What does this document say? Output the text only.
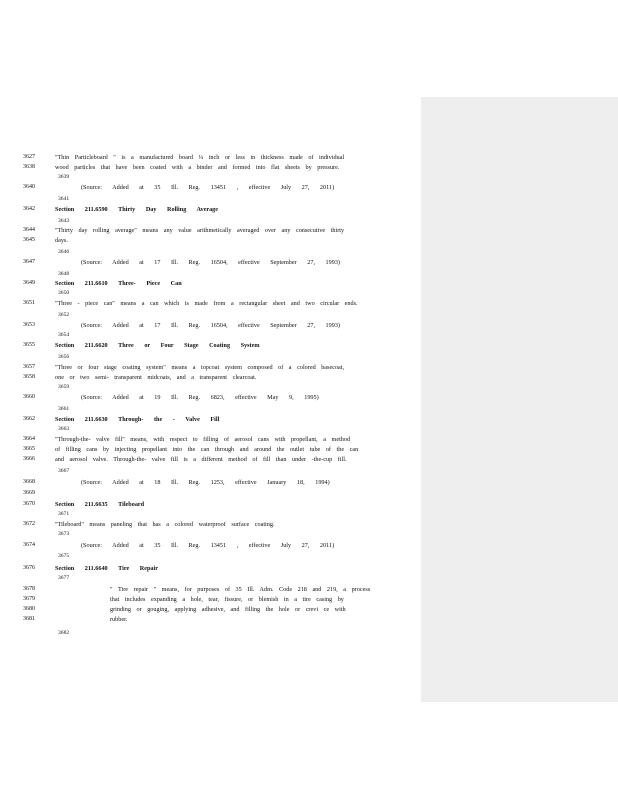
3627	"Thin Particleboard " is a manufactured board ¼ inch or less in thickness made of individual
3638	wood particles that have been coated with a binder and formed into flat sheets by pressure.
3639
3640	(Source: Added at 35 Ill. Reg. 13451 , effective July 27, 2011)
3641
3642	Section 211.6590 Thirty Day Rolling Average
3643
3644	"Thirty day rolling average" means any value arithmetically averaged over any consecutive thirty
3645	days.
3646
3647	(Source: Added at 17 Ill. Reg. 16504, effective September 27, 1993)
3648
3649	Section 211.6610 Three- Piece Can
3650
3651	"Three - piece can" means a can which is made from a rectangular sheet and two circular ends.
3652
3653	(Source: Added at 17 Ill. Reg. 16504, effective September 27, 1993)
3654
3655	Section 211.6620 Three or Four Stage Coating System
3656
3657	"Three or four stage coating system" means a topcoat system composed of a colored basecoat,
3658	one or two semi- transparent midcoats, and a transparent clearcoat.
3659
3660	(Source: Added at 19 Ill. Reg. 6823, effective May 9, 1995)
3661
3662	Section 211.6630 Through- the - Valve Fill
3663
3664	"Through-the- valve fill" means, with respect to filling of aerosol cans with propellant, a method
3665	of filling cans by injecting propellant into the can through and around the outlet tube of the can
3666	and aerosol valve. Through-the- valve fill is a different method of fill than under -the-cup fill.
3667
3668	(Source: Added at 18 Ill. Reg. 1253, effective January 18, 1994)
3669
3670	Section 211.6635 Tileboard
3671
3672	"Tileboard" means paneling that has a colored waterproof surface coating.
3673
3674	(Source: Added at 35 Ill. Reg. 13451 , effective July 27, 2011)
3675
3676	Section 211.6640 Tire Repair
3677
3678	" Tire repair " means, for purposes of 35 Ill. Adm. Code 218 and 219, a process
3679	that includes expanding a hole, tear, fissure, or blemish in a tire casing by
3680	grinding or gouging, applying adhesive, and filling the hole or crevi ce with
3681	rubber.
3682
